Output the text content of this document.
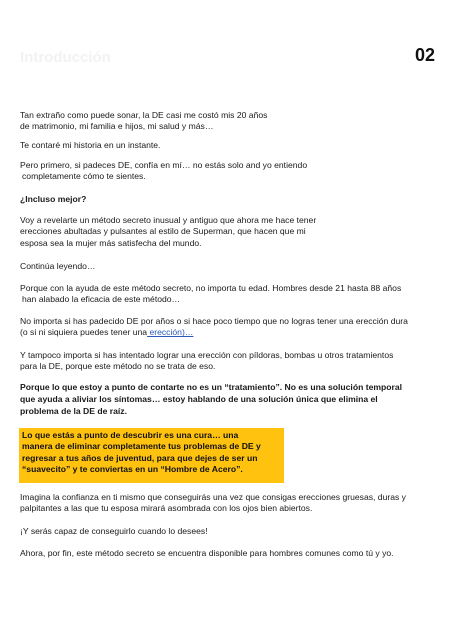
Introducción	02

Tan extraño como puede sonar, la DE casi me costó mis 20 años
de matrimonio, mi familia e hijos, mi salud y más…

Te contaré mi historia en un instante.

Pero primero, si padeces DE, confía en mí… no estás solo and yo entiendo
completamente cómo te sientes.

¿Incluso mejor?

Voy a revelarte un método secreto inusual y antiguo que ahora me hace tener
erecciones abultadas y pulsantes al estilo de Superman, que hacen que mi
esposa sea la mujer más satisfecha del mundo.

Continúa leyendo…

Porque con la ayuda de este método secreto, no importa tu edad. Hombres desde 21 hasta 88 años
han alabado la eficacia de este método…

No importa si has padecido DE por años o si hace poco tiempo que no logras tener una erección dura
(o si ni siquiera puedes tener una erección)…

Y tampoco importa si has intentado lograr una erección con píldoras, bombas u otros tratamientos
para la DE, porque este método no se trata de eso.

Porque lo que estoy a punto de contarte no es un “tratamiento”. No es una solución temporal
que ayuda a aliviar los síntomas… estoy hablando de una solución única que elimina el
problema de la DE de raíz.

Imagina la confianza en ti mismo que conseguirás una vez que consigas erecciones gruesas, duras y
palpitantes a las que tu esposa mirará asombrada con los ojos bien abiertos.

¡Y serás capaz de conseguirlo cuando lo desees!

Ahora, por fin, este método secreto se encuentra disponible para hombres comunes como tú y yo.

Lo que estás a punto de descubrir es una cura… una
manera de eliminar completamente tus problemas de DE y
regresar a tus años de juventud, para que dejes de ser un
“suavecito” y te conviertas en un “Hombre de Acero”.
